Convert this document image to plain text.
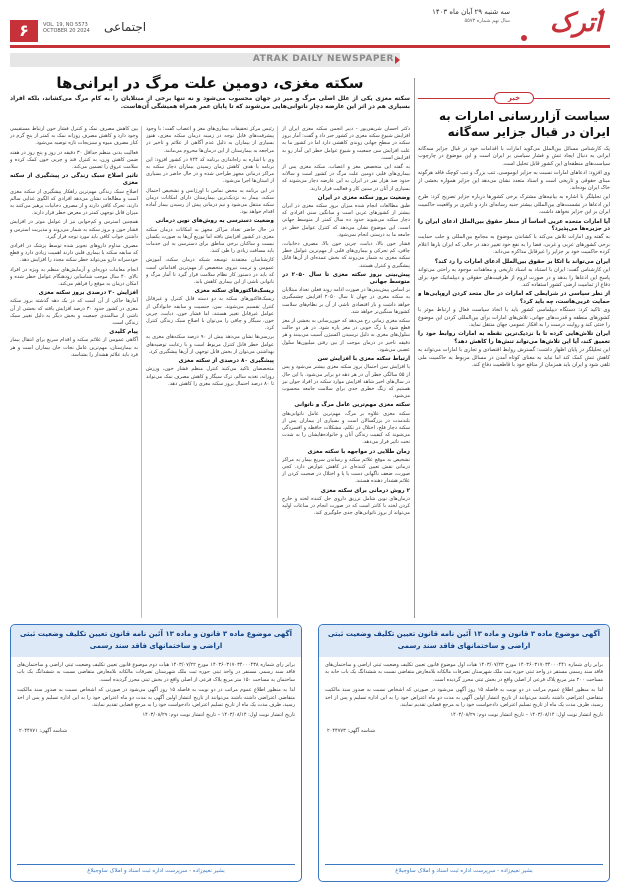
۶	VOL. 19, NO 5573
OCTOBER 20 2024 اجتماعی
ATRAK DAILY NEWSPAPER
سه شنبه ۲۹ آبان ماه ۱۴۰۳
سال نهم شماره ۵۵۷۳ اترک
سکته مغزی، دومین علت مرگ در ایرانی‌ها
سکته مغزی یکی از علل اصلی مرگ و میر در جهان محسوب می‌شود و نه تنها برخی از مبتلایان را به کام مرگ می‌کشاند، بلکه افراد بسیاری هم در اثر این عارضه دچار ناتوانی‌هایی می‌شوند که تا پایان عمر همراه همیشگی آن‌هاست.

دکتر احسان شریفی‌پور - دبیر انجمن سکته مغزی ایران از افزایش شیوع سکته مغزی در کشور خبر داد و گفت: آمار بروز سکته در سطح جهانی روندی کاهشی دارد اما در کشور ما به علت افزایش سن جمعیت و شیوع عوامل خطر این آمار رو به افزایش است.

به گفته این متخصص مغز و اعصاب، سکته مغزی پس از بیماری‌های قلبی دومین علت مرگ در کشور است و سالانه حدود صد هزار نفر در ایران به این عارضه دچار می‌شوند که بسیاری از آنان در سنین کار و فعالیت قرار دارند.

وضعیت بروز سکته مغزی در ایران

طبق مطالعات انجام شده میزان بروز سکته مغزی در ایران بیشتر از کشورهای غربی است و میانگین سنی افرادی که دچار سکته می‌شوند حدود ده سال کمتر از متوسط جهانی است. این موضوع نشان می‌دهد که کنترل عوامل خطر در جامعه ما به درستی انجام نمی‌شود.

فشار خون بالا، دیابت، چربی خون بالا، مصرف دخانیات، چاقی، کم تحرکی و بیماری‌های قلبی از مهم‌ترین عوامل خطر سکته مغزی به شمار می‌روند که بخش عمده‌ای از آن‌ها قابل پیشگیری و کنترل هستند.

پیش‌بینی بروز سکته مغزی تا سال ۲۰۵۰ در متوسط جهانی

بر اساس پیش‌بینی‌ها در صورت ادامه روند فعلی تعداد مبتلایان به سکته مغزی در جهان تا سال ۲۰۵۰ افزایش چشمگیری خواهد داشت و بار اقتصادی ناشی از آن بر نظام‌های سلامت کشورها سنگین‌تر خواهد شد.

سکته مغزی زمانی رخ می‌دهد که خون‌رسانی به بخشی از مغز قطع شود یا رگ خونی در مغز پاره شود. در هر دو حالت سلول‌های مغزی به دلیل نرسیدن اکسیژن آسیب می‌بینند و هر دقیقه تاخیر در درمان موجب از بین رفتن میلیون‌ها سلول عصبی می‌شود.

ارتباط سکته مغزی با افزایش سن

با افزایش سن احتمال بروز سکته مغزی بیشتر می‌شود و پس از ۵۵ سالگی خطر آن در هر دهه دو برابر می‌شود. با این حال در سال‌های اخیر شاهد افزایش موارد سکته در افراد جوان نیز هستیم که زنگ خطری جدی برای سلامت جامعه محسوب می‌شود.

سکته مغزی مهم‌ترین عامل مرگ و ناتوانی

سکته مغزی علاوه بر مرگ، مهم‌ترین عامل ناتوانی‌های بلندمدت در بزرگسالان است و بسیاری از بیماران پس از سکته دچار فلج، اختلال در تکلم، مشکلات حافظه و افسردگی می‌شوند که کیفیت زندگی آنان و خانواده‌هایشان را به شدت تحت تاثیر قرار می‌دهد.

زمان طلایی در مواجهه با سکته مغزی

تشخیص به موقع علائم سکته و رساندن سریع بیمار به مراکز درمانی نقش تعیین کننده‌ای در کاهش عوارض دارد. کجی صورت، ضعف ناگهانی دست یا پا و اختلال در صحبت کردن از علائم هشدار دهنده هستند.

۲ روش درمانی برای سکته مغزی

درمان‌های نوین شامل تزریق داروی حل کننده لخته و خارج کردن لخته با کاتتر است که در صورت انجام در ساعات اولیه می‌تواند از بروز ناتوانی‌های جدی جلوگیری کند.

رئیس مرکز تحقیقات بیماری‌های مغز و اعصاب گفت: با وجود پیشرفت‌های قابل توجه در زمینه درمان سکته مغزی، هنوز بسیاری از بیماران به دلیل عدم آگاهی از علائم و تاخیر در مراجعه به بیمارستان از این درمان‌ها محروم می‌مانند.

وی با اشاره به راه‌اندازی برنامه کد ۷۲۴ در کشور افزود: این برنامه با هدف کاهش زمان رسیدن بیماران دچار سکته به مراکز درمانی مجهز طراحی شده و در حال حاضر در بسیاری از استان‌ها اجرا می‌شود.

در این برنامه به محض تماس با اورژانس و تشخیص احتمال سکته، بیمار به نزدیک‌ترین بیمارستان دارای امکانات درمان سکته منتقل می‌شود و تیم درمانی پیش از رسیدن بیمار آماده اقدام خواهد بود.

وضعیت دسترسی به روش‌های نوین درمانی

در حال حاضر تعداد مراکز مجهز به امکانات درمان سکته مغزی در کشور افزایش یافته اما توزیع آن‌ها به صورت یکسان نیست و ساکنان برخی مناطق برای دسترسی به این خدمات باید مسافت زیادی را طی کنند.

کارشناسان معتقدند توسعه شبکه درمان سکته، آموزش عمومی و تربیت نیروی متخصص از مهم‌ترین اقداماتی است که باید در دستور کار نظام سلامت قرار گیرد تا آمار مرگ و ناتوانی ناشی از این بیماری کاهش یابد.

ریسک‌فاکتورهای سکته مغزی

ریسک‌فاکتورهای سکته به دو دسته قابل کنترل و غیرقابل کنترل تقسیم می‌شوند. سن، جنسیت و سابقه خانوادگی از عوامل غیرقابل تغییر هستند، اما فشار خون، دیابت، چربی خون، سیگار و چاقی را می‌توان با اصلاح سبک زندگی کنترل کرد.

بررسی‌ها نشان می‌دهد بیش از ۹۰ درصد سکته‌های مغزی به عوامل خطر قابل کنترل مربوط است و با رعایت توصیه‌های بهداشتی می‌توان از بخش قابل توجهی از آن‌ها پیشگیری کرد.

پیشگیری ۸۰ درصدی از سکته مغزی

متخصصان تاکید می‌کنند کنترل منظم فشار خون، ورزش روزانه، تغذیه سالم، ترک سیگار و کاهش مصرف نمک می‌تواند تا ۸۰ درصد احتمال بروز سکته مغزی را کاهش دهد.

بین کاهش مصرف نمک و کنترل فشار خون ارتباط مستقیمی وجود دارد و کاهش مصرف روزانه نمک به کمتر از پنج گرم در کنار مصرف میوه و سبزیجات تازه توصیه می‌شود.

فعالیت بدنی منظم حداقل ۳۰ دقیقه در روز و پنج روز در هفته ضمن کاهش وزن، به کنترل قند و چربی خون کمک کرده و سلامت عروق را تضمین می‌کند.

تاثیر اصلاح سبک زندگی در پیشگیری از سکته مغزی

اصلاح سبک زندگی مهم‌ترین راهکار پیشگیری از سکته مغزی است و مطالعات نشان می‌دهد افرادی که الگوی غذایی سالم دارند، تحرک کافی دارند و از مصرف دخانیات پرهیز می‌کنند به میزان قابل توجهی کمتر در معرض خطر قرار دارند.

همچنین استرس و کم‌خوابی نیز از عوامل موثر در افزایش فشار خون و بروز سکته به شمار می‌روند و مدیریت استرس و داشتن خواب کافی باید مورد توجه قرار گیرد.

مصرف مداوم داروهای تجویز شده توسط پزشک در افرادی که سابقه سکته یا بیماری قلبی دارند اهمیت زیادی دارد و قطع خودسرانه دارو می‌تواند خطر سکته مجدد را افزایش دهد.

انجام معاینات دوره‌ای و آزمایش‌های منظم به ویژه در افراد بالای ۴۰ سال موجب شناسایی زودهنگام عوامل خطر شده و امکان درمان به موقع را فراهم می‌کند.

افزایش ۳۰ درصدی بروز سکته مغزی

آمارها حاکی از آن است که در یک دهه گذشته بروز سکته مغزی در کشور حدود ۳۰ درصد افزایش یافته که بخشی از آن ناشی از سالمندی جمعیت و بخش دیگر به دلیل تغییر سبک زندگی است.

پیام کلیدی

آگاهی عمومی از علائم سکته و اقدام سریع برای انتقال بیمار به بیمارستان، مهم‌ترین عامل نجات جان بیماران است و هر فرد باید علائم هشدار را بشناسد.

خبر
سیاست آزاررسانی امارات به ایران در قبال جزایر سه‌گانه

یک کارشناس مسائل بین‌الملل می‌گوید امارات با اقدامات خود در قبال جزایر سه‌گانه ایرانی به دنبال ایجاد تنش و فشار سیاسی بر ایران است و این موضوع در چارچوب سیاست‌های منطقه‌ای این کشور قابل تحلیل است.

وی افزود: ادعاهای امارات نسبت به جزایر ابوموسی، تنب بزرگ و تنب کوچک فاقد هرگونه مبنای حقوقی و تاریخی است و اسناد متعدد نشان می‌دهد این جزایر همواره بخشی از خاک ایران بوده‌اند.

این تحلیلگر با اشاره به بیانیه‌های مشترک برخی کشورها درباره جزایر تصریح کرد: طرح این ادعاها در نشست‌های بین‌المللی بیشتر جنبه رسانه‌ای دارد و تاثیری بر واقعیت حاکمیت ایران بر این جزایر نخواهد داشت.

آیا امارات متحده عربی اساساً از منظر حقوق بین‌الملل ادعای ایران را در جزیره‌ها می‌پذیرد؟

به گفته وی امارات تلاش می‌کند با کشاندن موضوع به مجامع بین‌المللی و جلب حمایت برخی کشورهای عربی و غربی، فضا را به نفع خود تغییر دهد در حالی که ایران بارها اعلام کرده حاکمیت خود بر جزایر را غیرقابل مذاکره می‌داند.

ایران می‌تواند با اتکا بر حقوق بین‌الملل ادعای امارات را رد کند؟

این کارشناس گفت: ایران با استناد به اسناد تاریخی و معاهدات موجود به راحتی می‌تواند پاسخ این ادعاها را بدهد و در صورت لزوم از ظرفیت‌های حقوقی و دیپلماتیک خود برای دفاع از تمامیت ارضی کشور استفاده کند.

از نظر سیاسی در شرایطی که امارات در حال متحد کردن اروپایی‌ها و حمایت غربی‌هاست، چه باید کرد؟

وی تاکید کرد: دستگاه دیپلماسی کشور باید با اتخاذ سیاست فعال و ارتباط موثر با کشورهای منطقه و قدرت‌های جهانی، تلاش‌های امارات برای بین‌المللی کردن این موضوع را خنثی کند و روایت درست را به افکار عمومی جهان منتقل نماید.

ایران تلاش‌هایی کرده تا با نزدیک‌ترین نقطه به امارات روابط خود را تعمیق کند، آیا این تلاش‌ها می‌تواند تنش‌ها را کاهش دهد؟

این تحلیلگر در پایان اظهار داشت: گسترش روابط اقتصادی و تجاری با امارات می‌تواند به کاهش تنش کمک کند اما نباید به معنای کوتاه آمدن در مسائل مربوط به حاکمیت ملی تلقی شود و ایران باید همزمان از منافع خود با قاطعیت دفاع کند.

آگهی موضوع ماده ۳ قانون و ماده ۱۳ آئین نامه قانون تعیین تکلیف وضعیت ثبتی اراضی و ساختمانهای فاقد سند رسمی

برابر رای شماره ۱۴۰۳۶۰۳۱۷۰۳۴۰۰۰۴۳۸ مورخ ۱۴۰۳/۰۷/۲۲ هیات دوم موضوع قانون تعیین تکلیف وضعیت ثبتی اراضی و ساختمان‌های فاقد سند رسمی مستقر در واحد ثبتی حوزه ثبت ملک شهرستان تصرفات مالکانه بلامعارض متقاضی نسبت به ششدانگ یک باب ساختمان به مساحت ۱۵۰ متر مربع پلاک فرعی از اصلی واقع در بخش ثبتی محرز گردیده است.

لذا به منظور اطلاع عموم مراتب در دو نوبت به فاصله ۱۵ روز آگهی می‌شود در صورتی که اشخاص نسبت به صدور سند مالکیت متقاضی اعتراضی داشته باشند می‌توانند از تاریخ انتشار اولین آگهی به مدت دو ماه اعتراض خود را به این اداره تسلیم و پس از اخذ رسید، ظرف مدت یک ماه از تاریخ تسلیم اعتراض، دادخواست خود را به مرجع قضایی تقدیم نمایند.

تاریخ انتشار نوبت اول: ۱۴۰۳/۰۸/۱۴ – تاریخ انتشار نوبت دوم: ۱۴۰۳/۰۸/۲۹

شناسه آگهی: ۲۰۴۴۷۷۱
بشیر نعیم‌زاده - سرپرست اداره ثبت اسناد و املاک ساوجبلاغ
آگهی موضوع ماده ۳ قانون و ماده ۱۳ آئین نامه قانون تعیین تکلیف وضعیت ثبتی اراضی و ساختمانهای فاقد سند رسمی

برابر رای شماره ۱۴۰۳۶۰۳۱۷۰۳۴۰۰۰۴۴۱ مورخ ۱۴۰۳/۰۷/۲۳ هیات اول موضوع قانون تعیین تکلیف وضعیت ثبتی اراضی و ساختمان‌های فاقد سند رسمی مستقر در واحد ثبتی حوزه ثبت ملک شهرستان تصرفات مالکانه بلامعارض متقاضی نسبت به ششدانگ یک باب خانه به مساحت ۲۰۰ متر مربع پلاک فرعی از اصلی واقع در بخش ثبتی محرز گردیده است.

لذا به منظور اطلاع عموم مراتب در دو نوبت به فاصله ۱۵ روز آگهی می‌شود در صورتی که اشخاص نسبت به صدور سند مالکیت متقاضی اعتراضی داشته باشند می‌توانند از تاریخ انتشار اولین آگهی به مدت دو ماه اعتراض خود را به این اداره تسلیم و پس از اخذ رسید، ظرف مدت یک ماه از تاریخ تسلیم اعتراض، دادخواست خود را به مرجع قضایی تقدیم نمایند.

تاریخ انتشار نوبت اول: ۱۴۰۳/۰۸/۱۴ – تاریخ انتشار نوبت دوم: ۱۴۰۳/۰۸/۲۹

شناسه آگهی: ۲۰۴۴۷۷۳
بشیر نعیم‌زاده - سرپرست اداره ثبت اسناد و املاک ساوجبلاغ
